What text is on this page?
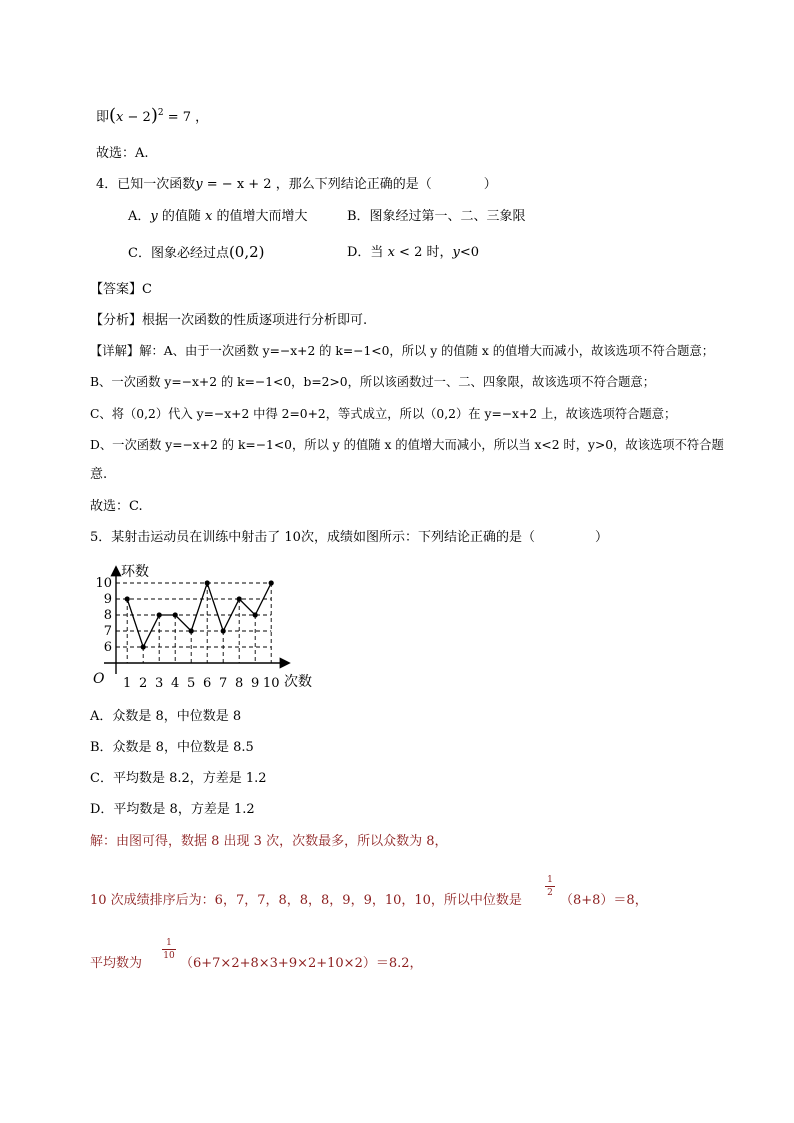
即$(x - 2)^2 = 7$ ，
故选：A.
4．已知一次函数y = − x + 2 ，那么下列结论正确的是（	）
A．y 的值随 x 的值增大而增大	B．图象经过第一、二、三象限
C．图象必经过点(0,2)	D．当 x < 2 时，y<0
【答案】C
【分析】根据一次函数的性质逐项进行分析即可.
【详解】解：A、由于一次函数 y=−x+2 的 k=−1<0，所以 y 的值随 x 的值增大而减小，故该选项不符合题意；
B、一次函数 y=−x+2 的 k=−1<0，b=2>0，所以该函数过一、二、四象限，故该选项不符合题意；
C、将（0,2）代入 y=−x+2 中得 2=0+2，等式成立，所以（0,2）在 y=−x+2 上，故该选项符合题意；
D、一次函数 y=−x+2 的 k=−1<0，所以 y 的值随 x 的值增大而减小，所以当 x<2 时，y>0，故该选项不符合题
意.
故选：C.
5．某射击运动员在训练中射击了 10次，成绩如图所示：下列结论正确的是（	）
环数
次数
O
6
7
8
9
10
1 2 3 4 5 6 7 8 9 10
A．众数是 8，中位数是 8
B．众数是 8，中位数是 8.5
C．平均数是 8.2，方差是 1.2
D．平均数是 8，方差是 1.2
解：由图可得，数据 8 出现 3 次，次数最多，所以众数为 8，
10 次成绩排序后为：6，7，7，8，8，8，9，9，10，10，所以中位数是
1
2 （8+8）＝8，
平均数为
1
10 （6+7×2+8×3+9×2+10×2）＝8.2，
